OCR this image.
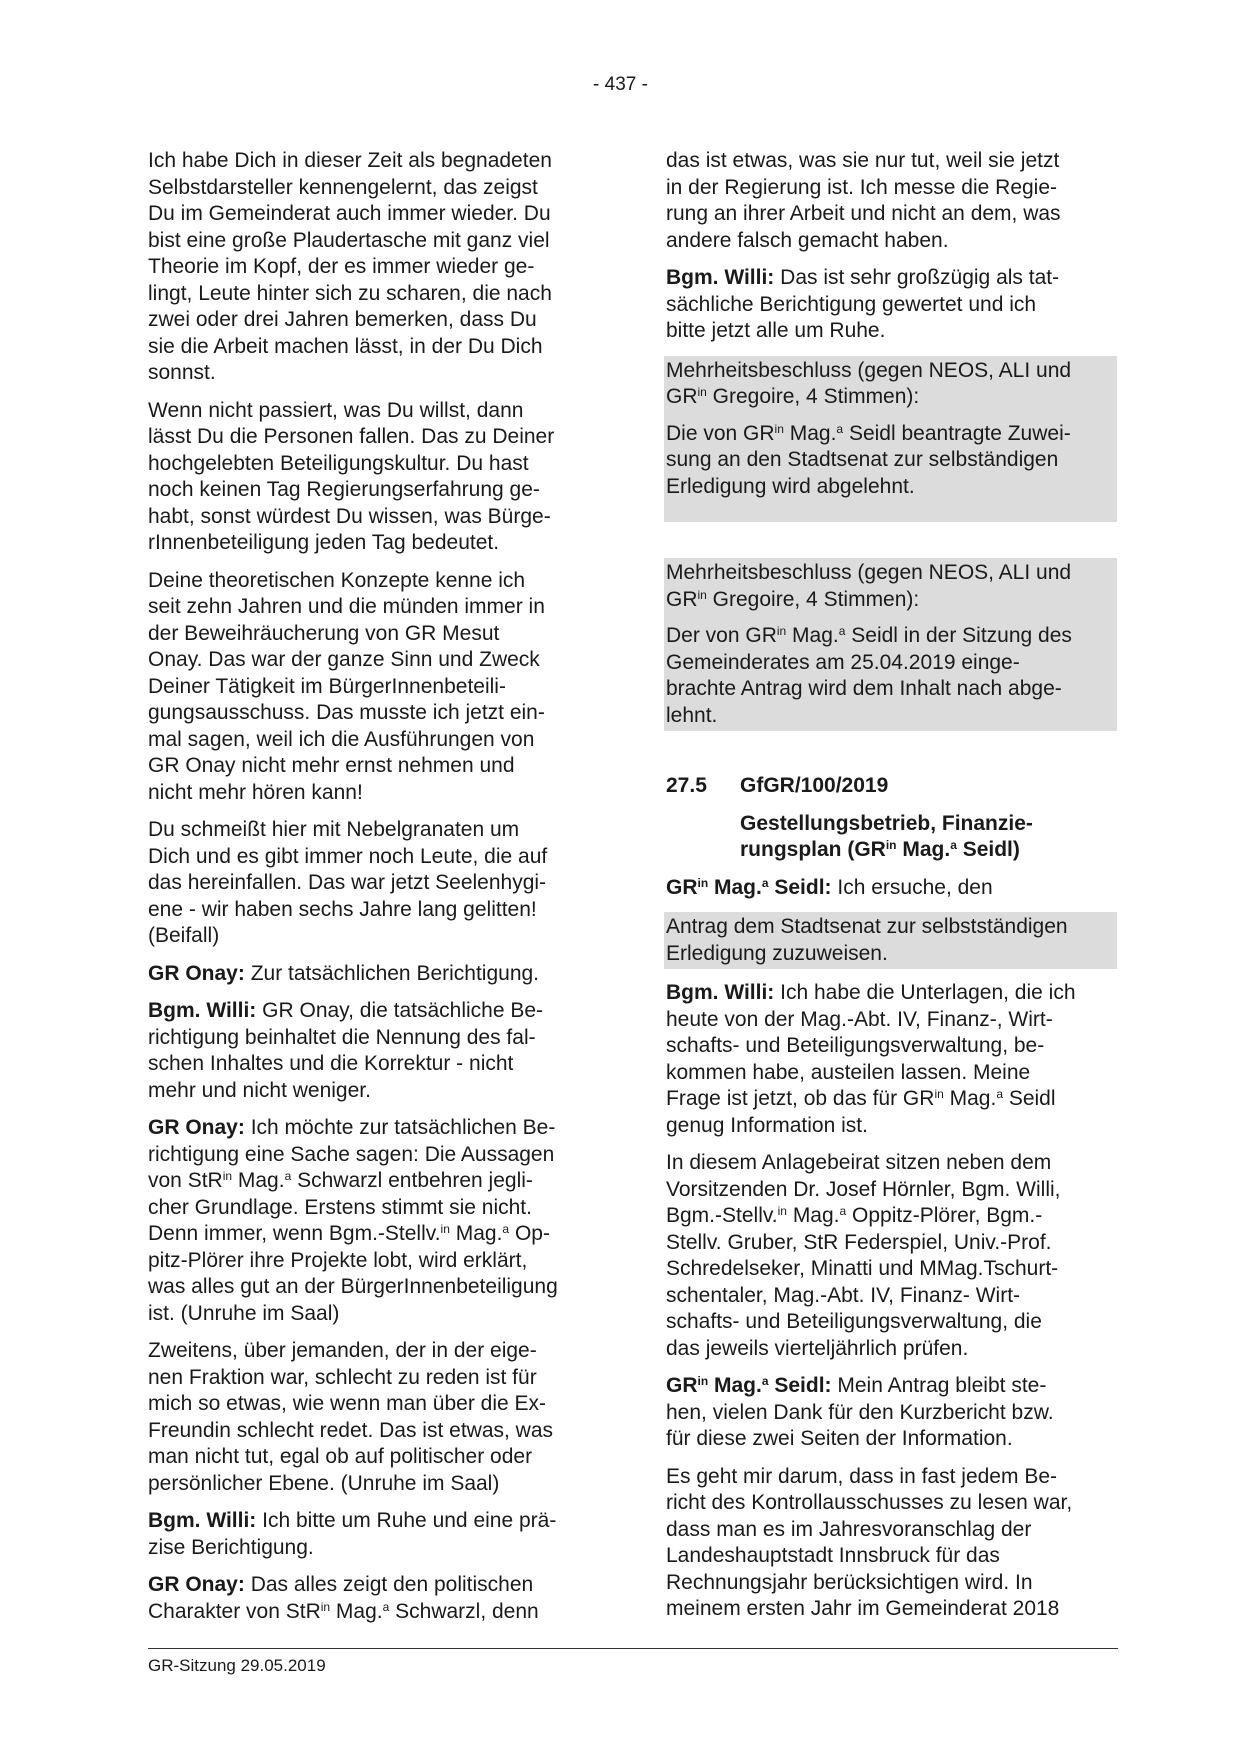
- 437 -
Ich habe Dich in dieser Zeit als begnadeten
Selbstdarsteller kennengelernt, das zeigst
Du im Gemeinderat auch immer wieder. Du
bist eine große Plaudertasche mit ganz viel
Theorie im Kopf, der es immer wieder ge-
lingt, Leute hinter sich zu scharen, die nach
zwei oder drei Jahren bemerken, dass Du
sie die Arbeit machen lässt, in der Du Dich
sonnst.
Wenn nicht passiert, was Du willst, dann
lässt Du die Personen fallen. Das zu Deiner
hochgelebten Beteiligungskultur. Du hast
noch keinen Tag Regierungserfahrung ge-
habt, sonst würdest Du wissen, was Bürge-
rInnenbeteiligung jeden Tag bedeutet.
Deine theoretischen Konzepte kenne ich
seit zehn Jahren und die münden immer in
der Beweihräucherung von GR Mesut
Onay. Das war der ganze Sinn und Zweck
Deiner Tätigkeit im BürgerInnenbeteili-
gungsausschuss. Das musste ich jetzt ein-
mal sagen, weil ich die Ausführungen von
GR Onay nicht mehr ernst nehmen und
nicht mehr hören kann!
Du schmeißt hier mit Nebelgranaten um
Dich und es gibt immer noch Leute, die auf
das hereinfallen. Das war jetzt Seelenhygi-
ene - wir haben sechs Jahre lang gelitten!
(Beifall)
GR Onay: Zur tatsächlichen Berichtigung.
Bgm. Willi: GR Onay, die tatsächliche Be-
richtigung beinhaltet die Nennung des fal-
schen Inhaltes und die Korrektur - nicht
mehr und nicht weniger.
GR Onay: Ich möchte zur tatsächlichen Be-
richtigung eine Sache sagen: Die Aussagen
von StR$^{in}$ Mag.$^a$ Schwarzl entbehren jegli-
cher Grundlage. Erstens stimmt sie nicht.
Denn immer, wenn Bgm.-Stellv.$^{in}$ Mag.$^a$ Op-
pitz-Plörer ihre Projekte lobt, wird erklärt,
was alles gut an der BürgerInnenbeteiligung
ist. (Unruhe im Saal)
Zweitens, über jemanden, der in der eige-
nen Fraktion war, schlecht zu reden ist für
mich so etwas, wie wenn man über die Ex-
Freundin schlecht redet. Das ist etwas, was
man nicht tut, egal ob auf politischer oder
persönlicher Ebene. (Unruhe im Saal)
Bgm. Willi: Ich bitte um Ruhe und eine prä-
zise Berichtigung.
GR Onay: Das alles zeigt den politischen
Charakter von StR$^{in}$ Mag.$^a$ Schwarzl, denn
das ist etwas, was sie nur tut, weil sie jetzt
in der Regierung ist. Ich messe die Regie-
rung an ihrer Arbeit und nicht an dem, was
andere falsch gemacht haben.
Bgm. Willi: Das ist sehr großzügig als tat-
sächliche Berichtigung gewertet und ich
bitte jetzt alle um Ruhe.
Mehrheitsbeschluss (gegen NEOS, ALI und
$GR^{in}$ Gregoire, 4 Stimmen):
Die von $GR^{in}$ Mag.$^a$ Seidl beantragte Zuwei-
sung an den Stadtsenat zur selbständigen
Erledigung wird abgelehnt.
Mehrheitsbeschluss (gegen NEOS, ALI und
$GR^{in}$ Gregoire, 4 Stimmen):
Der von $GR^{in}$ Mag.$^a$ Seidl in der Sitzung des
Gemeinderates am 25.04.2019 einge-
brachte Antrag wird dem Inhalt nach abge-
lehnt.
27.5 GfGR/100/2019
Gestellungsbetrieb, Finanzie-
rungsplan ($GR^{in}$ Mag.$^a$ Seidl)
$GR^{in}$ Mag.$^a$ Seidl: Ich ersuche, den
Antrag dem Stadtsenat zur selbstständigen
Erledigung zuzuweisen.
Bgm. Willi: Ich habe die Unterlagen, die ich
heute von der Mag.-Abt. IV, Finanz-, Wirt-
schafts- und Beteiligungsverwaltung, be-
kommen habe, austeilen lassen. Meine
Frage ist jetzt, ob das für $GR^{in}$ Mag.$^a$ Seidl
genug Information ist.
In diesem Anlagebeirat sitzen neben dem
Vorsitzenden Dr. Josef Hörnler, Bgm. Willi,
Bgm.-Stellv.$^{in}$ Mag.$^a$ Oppitz-Plörer, Bgm.-
Stellv. Gruber, StR Federspiel, Univ.-Prof.
Schredelseker, Minatti und MMag.Tschurt-
schentaler, Mag.-Abt. IV, Finanz- Wirt-
schafts- und Beteiligungsverwaltung, die
das jeweils vierteljährlich prüfen.
$GR^{in}$ Mag.$^a$ Seidl: Mein Antrag bleibt ste-
hen, vielen Dank für den Kurzbericht bzw.
für diese zwei Seiten der Information.
Es geht mir darum, dass in fast jedem Be-
richt des Kontrollausschusses zu lesen war,
dass man es im Jahresvoranschlag der
Landeshauptstadt Innsbruck für das
Rechnungsjahr berücksichtigen wird. In
meinem ersten Jahr im Gemeinderat 2018
GR-Sitzung 29.05.2019
